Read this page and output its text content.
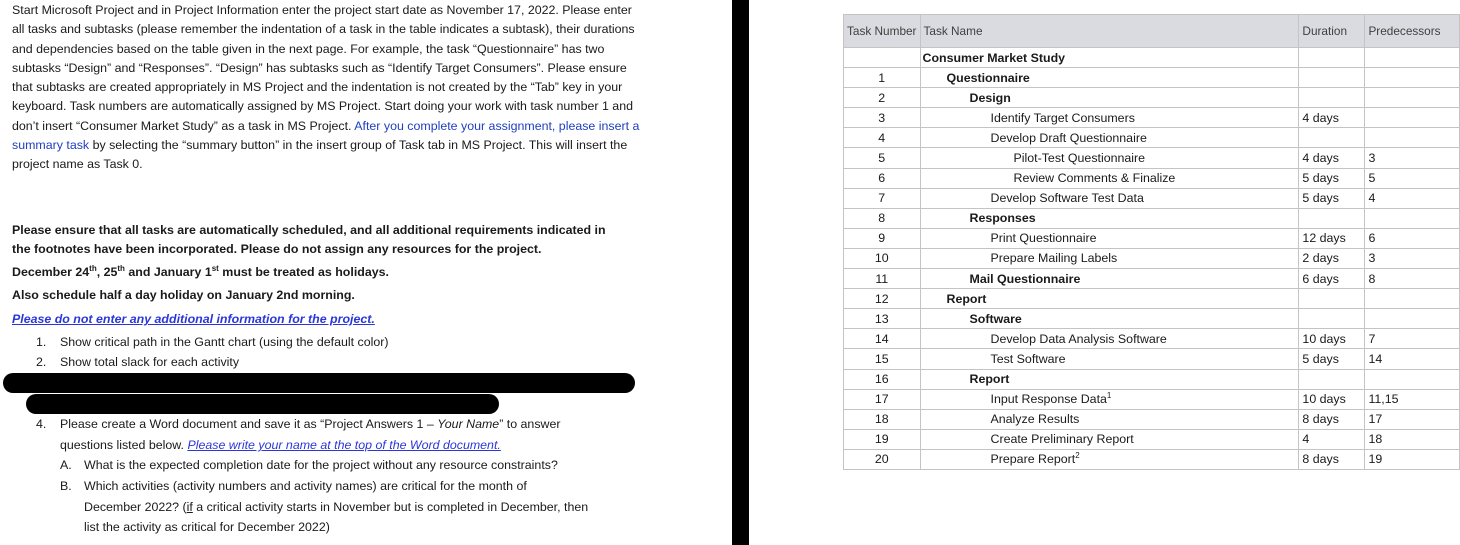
Start Microsoft Project and in Project Information enter the project start date as November 17, 2022. Please enter all tasks and subtasks (please remember the indentation of a task in the table indicates a subtask), their durations and dependencies based on the table given in the next page. For example, the task “Questionnaire” has two subtasks “Design” and “Responses”. “Design” has subtasks such as “Identify Target Consumers”. Please ensure that subtasks are created appropriately in MS Project and the indentation is not created by the “Tab” key in your keyboard. Task numbers are automatically assigned by MS Project. Start doing your work with task number 1 and don’t insert “Consumer Market Study” as a task in MS Project. After you complete your assignment, please insert a summary task by selecting the “summary button” in the insert group of Task tab in MS Project. This will insert the project name as Task 0.

Please ensure that all tasks are automatically scheduled, and all additional requirements indicated in
the footnotes have been incorporated. Please do not assign any resources for the project.
December 24th, 25th and January 1st must be treated as holidays.
Also schedule half a day holiday on January 2nd morning.
Please do not enter any additional information for the project.
1. Show critical path in the Gantt chart (using the default color)
2. Show total slack for each activity
4. Please create a Word document and save it as “Project Answers 1 – Your Name” to answer
questions listed below. Please write your name at the top of the Word document.
A. What is the expected completion date for the project without any resource constraints?
B. Which activities (activity numbers and activity names) are critical for the month of
December 2022? (if a critical activity starts in November but is completed in December, then
list the activity as critical for December 2022)
Task Number	Task Name	Duration	Predecessors
	Consumer Market Study		
1	Questionnaire		
2	Design		
3	Identify Target Consumers	4 days	
4	Develop Draft Questionnaire		
5	Pilot-Test Questionnaire	4 days	3
6	Review Comments & Finalize	5 days	5
7	Develop Software Test Data	5 days	4
8	Responses		
9	Print Questionnaire	12 days	6
10	Prepare Mailing Labels	2 days	3
11	Mail Questionnaire	6 days	8
12	Report		
13	Software		
14	Develop Data Analysis Software	10 days	7
15	Test Software	5 days	14
16	Report		
17	Input Response Data$^1$	10 days	11,15
18	Analyze Results	8 days	17
19	Create Preliminary Report	4	18
20	Prepare Report$^2$	8 days	19
